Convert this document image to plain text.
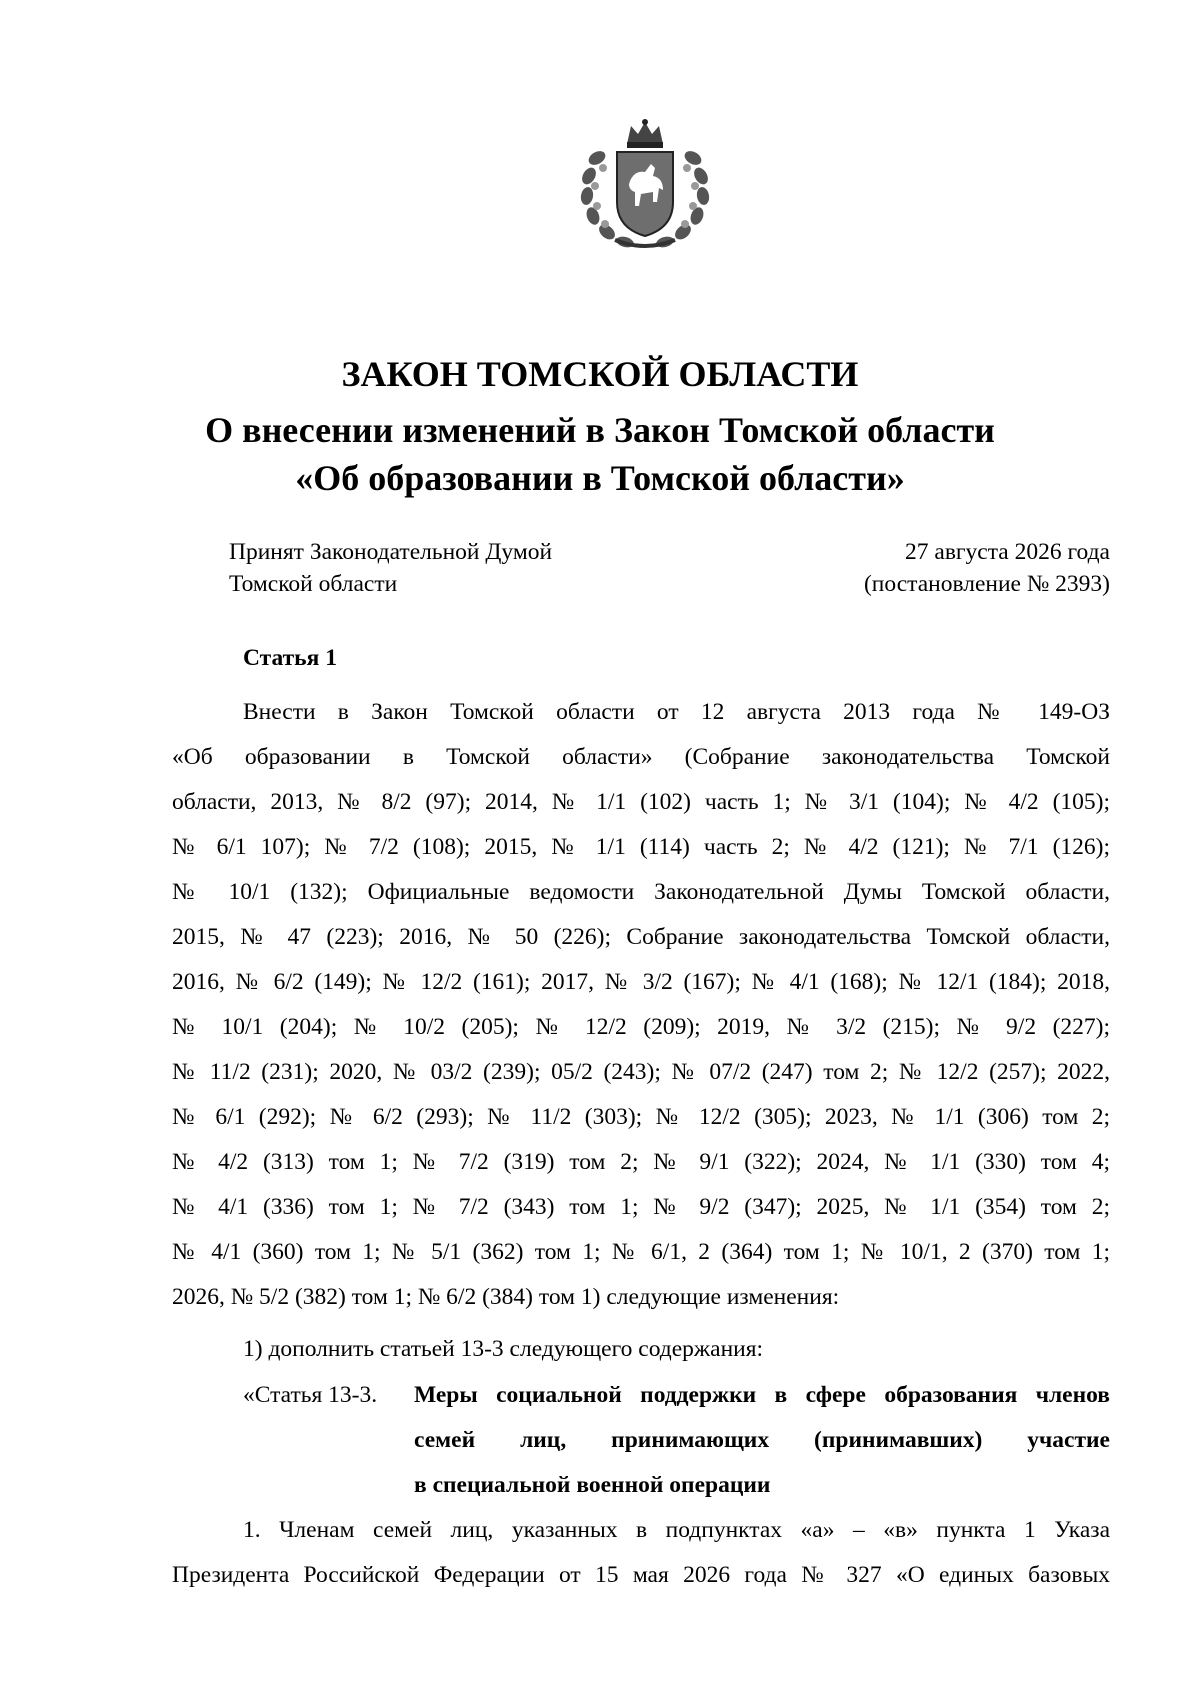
ЗАКОН ТОМСКОЙ ОБЛАСТИ
О внесении изменений в Закон Томской области
«Об образовании в Томской области»
Принят Законодательной Думой
Томской области
27 августа 2026 года
(постановление № 2393)
Статья 1

Внести в Закон Томской области от 12 августа 2013 года № 149-ОЗ

«Об образовании в Томской области» (Собрание законодательства Томской

области, 2013, № 8/2 (97); 2014, № 1/1 (102) часть 1; № 3/1 (104); № 4/2 (105);

№ 6/1 107); № 7/2 (108); 2015, № 1/1 (114) часть 2; № 4/2 (121); № 7/1 (126);

№ 10/1 (132); Официальные ведомости Законодательной Думы Томской области,

2015, № 47 (223); 2016, № 50 (226); Собрание законодательства Томской области,

2016, № 6/2 (149); № 12/2 (161); 2017, № 3/2 (167); № 4/1 (168); № 12/1 (184); 2018,

№ 10/1 (204); № 10/2 (205); № 12/2 (209); 2019, № 3/2 (215); № 9/2 (227);

№ 11/2 (231); 2020, № 03/2 (239); 05/2 (243); № 07/2 (247) том 2; № 12/2 (257); 2022,

№ 6/1 (292); № 6/2 (293); № 11/2 (303); № 12/2 (305); 2023, № 1/1 (306) том 2;

№ 4/2 (313) том 1; № 7/2 (319) том 2; № 9/1 (322); 2024, № 1/1 (330) том 4;

№ 4/1 (336) том 1; № 7/2 (343) том 1; № 9/2 (347); 2025, № 1/1 (354) том 2;

№ 4/1 (360) том 1; № 5/1 (362) том 1; № 6/1, 2 (364) том 1; № 10/1, 2 (370) том 1;

2026, № 5/2 (382) том 1; № 6/2 (384) том 1) следующие изменения:

1) дополнить статьей 13-3 следующего содержания:
«Статья 13-3. Меры социальной поддержки в сфере образования членов
семей лиц, принимающих (принимавших) участие
в специальной военной операции
1. Членам семей лиц, указанных в подпунктах «а» – «в» пункта 1 Указа
Президента Российской Федерации от 15 мая 2026 года № 327 «О единых базовых
